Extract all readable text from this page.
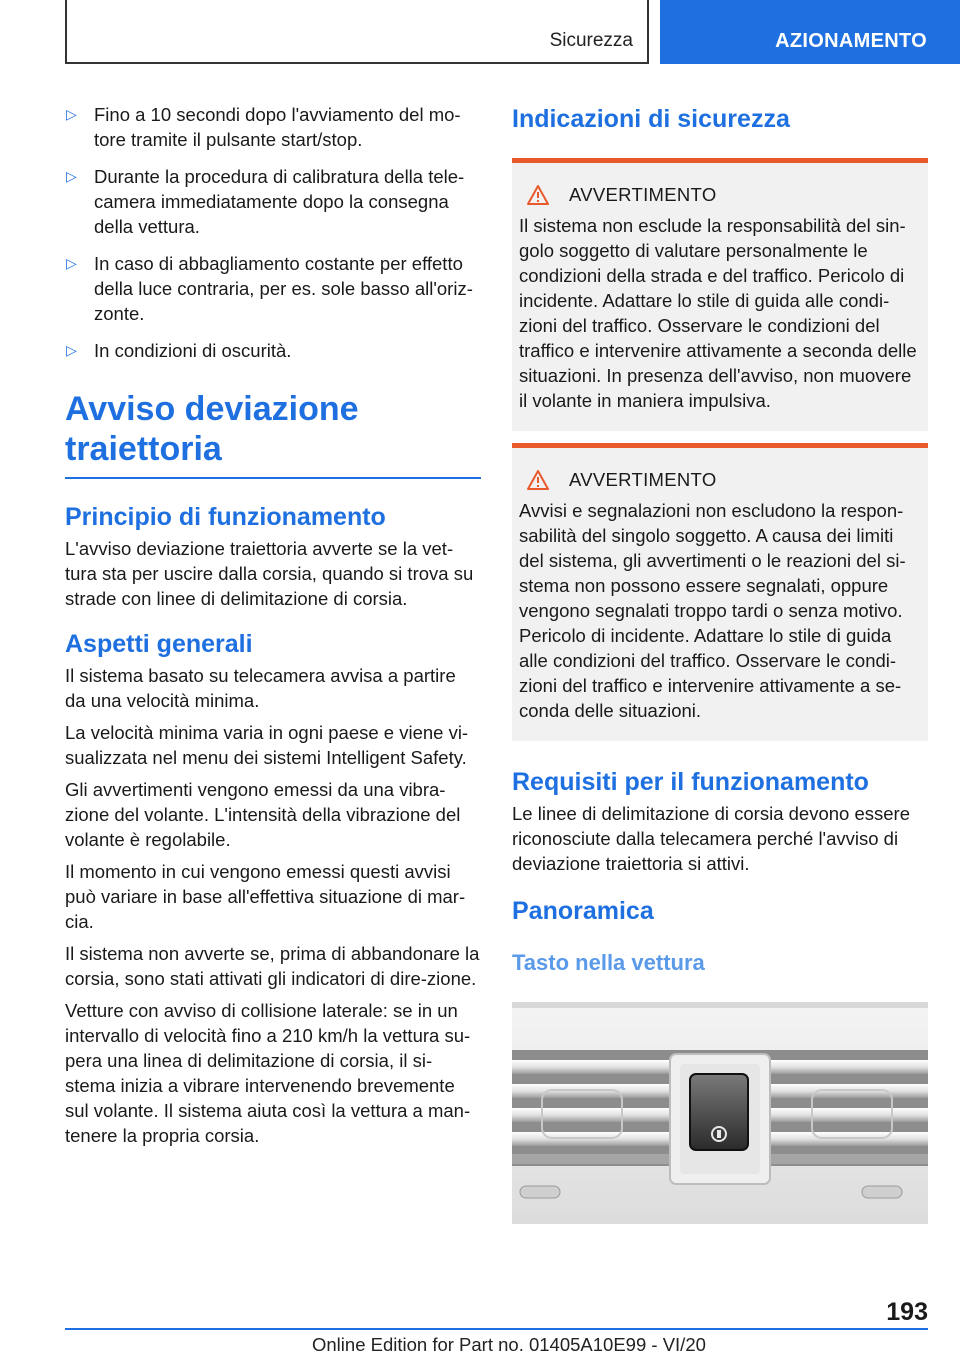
Sicurezza	AZIONAMENTO
▷ Fino a 10 secondi dopo l'avviamento del mo-tore tramite il pulsante start/stop.
▷ Durante la procedura di calibratura della tele-camera immediatamente dopo la consegna della vettura.
▷ In caso di abbagliamento costante per effetto della luce contraria, per es. sole basso all'oriz-zonte.
▷ In condizioni di oscurità.
Avviso deviazione traiettoria
Principio di funzionamento

L'avviso deviazione traiettoria avverte se la vet-tura sta per uscire dalla corsia, quando si trova su strade con linee di delimitazione di corsia.

Aspetti generali

Il sistema basato su telecamera avvisa a partire da una velocità minima.

La velocità minima varia in ogni paese e viene vi-sualizzata nel menu dei sistemi Intelligent Safety.

Gli avvertimenti vengono emessi da una vibra-zione del volante. L'intensità della vibrazione del volante è regolabile.

Il momento in cui vengono emessi questi avvisi può variare in base all'effettiva situazione di mar-cia.

Il sistema non avverte se, prima di abbandonare la corsia, sono stati attivati gli indicatori di dire-zione.

Vetture con avviso di collisione laterale: se in un intervallo di velocità fino a 210 km/h la vettura su-pera una linea di delimitazione di corsia, il si-stema inizia a vibrare intervenendo brevemente sul volante. Il sistema aiuta così la vettura a man-tenere la propria corsia.

Indicazioni di sicurezza
AVVERTIMENTO

Il sistema non esclude la responsabilità del sin-golo soggetto di valutare personalmente le condizioni della strada e del traffico. Pericolo di incidente. Adattare lo stile di guida alle condi-zioni del traffico. Osservare le condizioni del traffico e intervenire attivamente a seconda delle situazioni. In presenza dell'avviso, non muovere il volante in maniera impulsiva.

AVVERTIMENTO

Avvisi e segnalazioni non escludono la respon-sabilità del singolo soggetto. A causa dei limiti del sistema, gli avvertimenti o le reazioni del si-stema non possono essere segnalati, oppure vengono segnalati troppo tardi o senza motivo. Pericolo di incidente. Adattare lo stile di guida alle condizioni del traffico. Osservare le condi-zioni del traffico e intervenire attivamente a se-conda delle situazioni.

Requisiti per il funzionamento

Le linee di delimitazione di corsia devono essere riconosciute dalla telecamera perché l'avviso di deviazione traiettoria si attivi.

Panoramica
Tasto nella vettura
193
Online Edition for Part no. 01405A10E99 - VI/20
